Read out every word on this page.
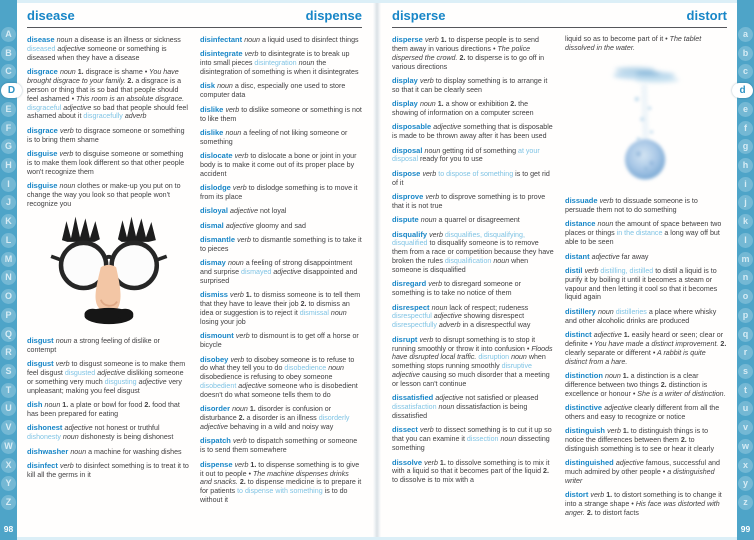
A
B
C
D
E
F
G
H
I
J
K
L
M
N
O
P
Q
R
S
T
U
V
W
X
Y
Z
98
disease	dispense

disease noun a disease is an illness or sickness diseased adjective someone or something is diseased when they have a disease

disgrace noun 1. disgrace is shame • You have brought disgrace to your family. 2. a disgrace is a person or thing that is so bad that people should feel ashamed • This room is an absolute disgrace. disgraceful adjective so bad that people should feel ashamed about it disgracefully adverb

disgrace verb to disgrace someone or something is to bring them shame

disguise verb to disguise someone or something is to make them look different so that other people won't recognize them

disguise noun clothes or make-up you put on to change the way you look so that people won't recognize you

disgust noun a strong feeling of dislike or contempt

disgust verb to disgust someone is to make them feel disgust disgusted adjective disliking someone or something very much disgusting adjective very unpleasant; making you feel disgust

dish noun 1. a plate or bowl for food 2. food that has been prepared for eating

dishonest adjective not honest or truthful dishonesty noun dishonesty is being dishonest

dishwasher noun a machine for washing dishes

disinfect verb to disinfect something is to treat it to kill all the germs in it

disinfectant noun a liquid used to disinfect things

disintegrate verb to disintegrate is to break up into small pieces disintegration noun the disintegration of something is when it disintegrates

disk noun a disc, especially one used to store computer data

dislike verb to dislike someone or something is not to like them

dislike noun a feeling of not liking someone or something

dislocate verb to dislocate a bone or joint in your body is to make it come out of its proper place by accident

dislodge verb to dislodge something is to move it from its place

disloyal adjective not loyal

dismal adjective gloomy and sad

dismantle verb to dismantle something is to take it to pieces

dismay noun a feeling of strong disappointment and surprise dismayed adjective disappointed and surprised

dismiss verb 1. to dismiss someone is to tell them that they have to leave their job 2. to dismiss an idea or suggestion is to reject it dismissal noun losing your job

dismount verb to dismount is to get off a horse or bicycle

disobey verb to disobey someone is to refuse to do what they tell you to do disobedience noun disobedience is refusing to obey someone disobedient adjective someone who is disobedient doesn't do what someone tells them to do

disorder noun 1. disorder is confusion or disturbance 2. a disorder is an illness disorderly adjective behaving in a wild and noisy way

dispatch verb to dispatch something or someone is to send them somewhere

dispense verb 1. to dispense something is to give it out to people • The machine dispenses drinks and snacks. 2. to dispense medicine is to prepare it for patients to dispense with something is to do without it

disperse	distort

disperse verb 1. to disperse people is to send them away in various directions • The police dispersed the crowd. 2. to disperse is to go off in various directions

display verb to display something is to arrange it so that it can be clearly seen

display noun 1. a show or exhibition 2. the showing of information on a computer screen

disposable adjective something that is disposable is made to be thrown away after it has been used

disposal noun getting rid of something at your disposal ready for you to use

dispose verb to dispose of something is to get rid of it

disprove verb to disprove something is to prove that it is not true

dispute noun a quarrel or disagreement

disqualify verb disqualifies, disqualifying, disqualified to disqualify someone is to remove them from a race or competition because they have broken the rules disqualification noun when someone is disqualified

disregard verb to disregard someone or something is to take no notice of them

disrespect noun lack of respect; rudeness disrespectful adjective showing disrespect disrespectfully adverb in a disrespectful way

disrupt verb to disrupt something is to stop it running smoothly or throw it into confusion • Floods have disrupted local traffic. disruption noun when something stops running smoothly disruptive adjective causing so much disorder that a meeting or lesson can't continue

dissatisfied adjective not satisfied or pleased dissatisfaction noun dissatisfaction is being dissatisfied

dissect verb to dissect something is to cut it up so that you can examine it dissection noun dissecting something

dissolve verb 1. to dissolve something is to mix it with a liquid so that it becomes part of the liquid 2. to dissolve is to mix with a

liquid so as to become part of it • The tablet dissolved in the water.

dissuade verb to dissuade someone is to persuade them not to do something

distance noun the amount of space between two places or things in the distance a long way off but able to be seen

distant adjective far away

distil verb distilling, distilled to distil a liquid is to purify it by boiling it until it becomes a steam or vapour and then letting it cool so that it becomes liquid again

distillery noun distilleries a place where whisky and other alcoholic drinks are produced

distinct adjective 1. easily heard or seen; clear or definite • You have made a distinct improvement. 2. clearly separate or different • A rabbit is quite distinct from a hare.

distinction noun 1. a distinction is a clear difference between two things 2. distinction is excellence or honour • She is a writer of distinction.

distinctive adjective clearly different from all the others and easy to recognize or notice

distinguish verb 1. to distinguish things is to notice the differences between them 2. to distinguish something is to see or hear it clearly

distinguished adjective famous, successful and much admired by other people • a distinguished writer

distort verb 1. to distort something is to change it into a strange shape • His face was distorted with anger. 2. to distort facts

a
b
c
d
e
f
g
h
i
j
k
l
m
n
o
p
q
r
s
t
u
v
w
x
y
z
99
